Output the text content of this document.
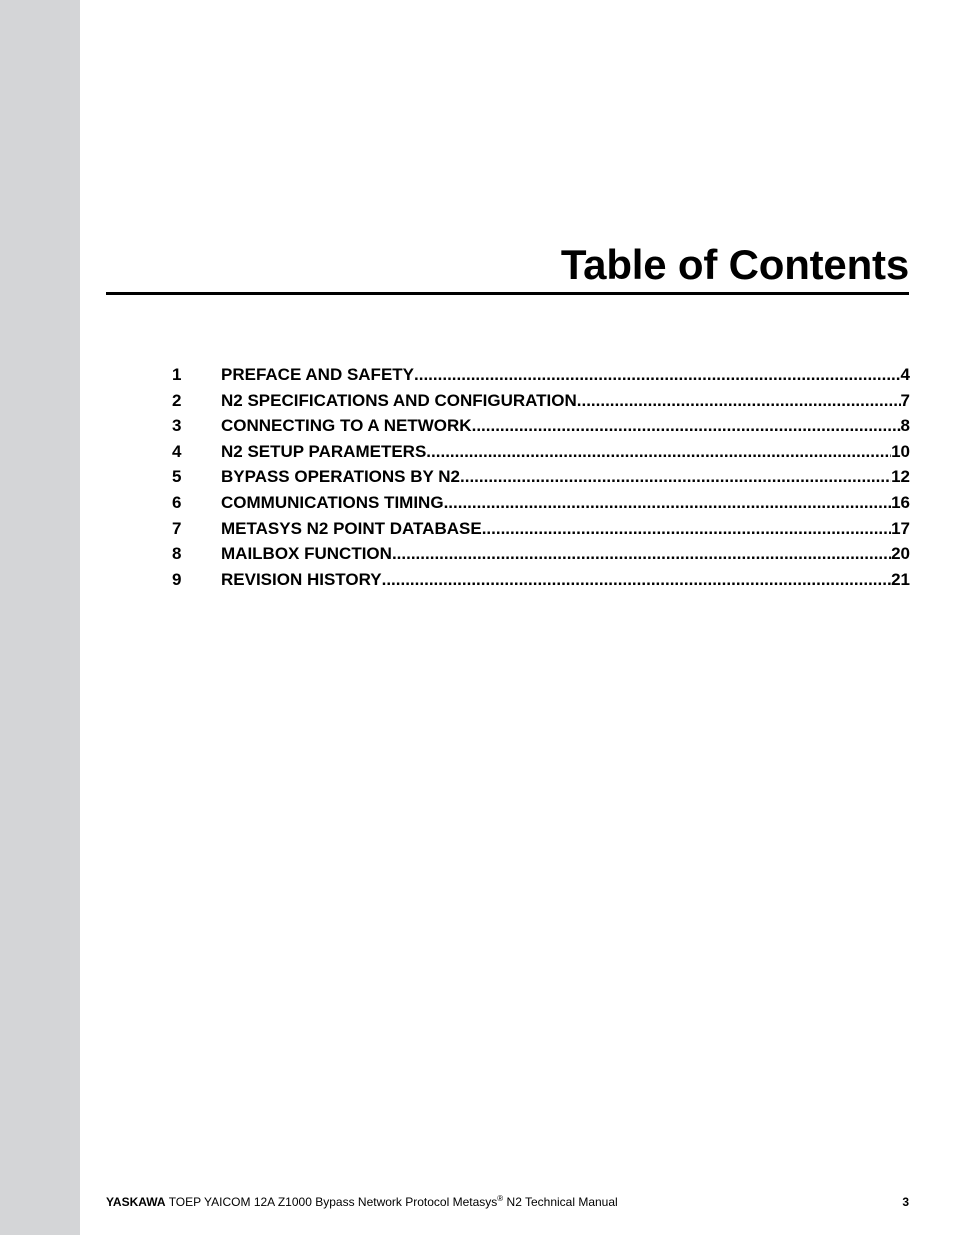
Table of Contents
1	PREFACE AND SAFETY .....	4
2	N2 SPECIFICATIONS AND CONFIGURATION .....	7
3	CONNECTING TO A NETWORK .....	8
4	N2 SETUP PARAMETERS .....	10
5	BYPASS OPERATIONS BY N2 .....	12
6	COMMUNICATIONS TIMING .....	16
7	METASYS N2 POINT DATABASE .....	17
8	MAILBOX FUNCTION .....	20
9	REVISION HISTORY .....	21
YASKAWA TOEP YAICOM 12A Z1000 Bypass Network Protocol Metasys® N2 Technical Manual	3
